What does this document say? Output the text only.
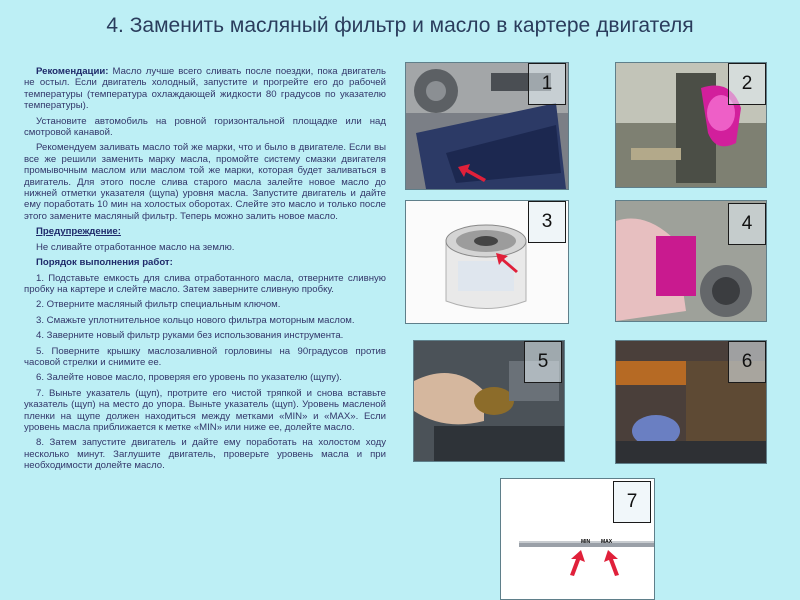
4. Заменить масляный фильтр и масло в картере двигателя

Рекомендации: Масло лучше всего сливать после поездки, пока двигатель не остыл. Если двигатель холодный, запустите и прогрейте его до рабочей температуры (температура охлаждающей жидкости 80 градусов по указателю температуры).

Установите автомобиль на ровной горизонтальной площадке или над смотровой канавой.

Рекомендуем заливать масло той же марки, что и было в двигателе. Если вы все же решили заменить марку масла, промойте систему смазки двигателя промывочным маслом или маслом той же марки, которая будет заливаться в двигатель. Для этого после слива старого масла залейте новое масло до нижней отметки указателя (щупа) уровня масла. Запустите двигатель и дайте ему поработать 10 мин на холостых оборотах. Слейте это масло и только после этого замените масляный фильтр. Теперь можно залить новое масло.

Предупреждение:

Не сливайте отработанное масло на землю.

Порядок выполнения работ:

1. Подставьте емкость для слива отработанного масла, отверните сливную пробку на картере и слейте масло. Затем заверните сливную пробку.

2. Отверните масляный фильтр специальным ключом.

3. Смажьте уплотнительное кольцо нового фильтра моторным маслом.

4. Заверните новый фильтр руками без использования инструмента.

5. Поверните крышку маслозаливной горловины на 90градусов против часовой стрелки и снимите ее.

6. Залейте новое масло, проверяя его уровень по указателю (щупу).

7. Выньте указатель (щуп), протрите его чистой тряпкой и снова вставьте указатель (щуп) на место до упора. Выньте указатель (щуп). Уровень масленой пленки на щупе должен находиться между метками «MIN» и «MAX». Если уровень масла приближается к метке «MIN» или ниже ее, долейте масло.

8. Затем запустите двигатель и дайте ему поработать на холостом ходу несколько минут. Заглушите двигатель, проверьте уровень масла и при необходимости долейте масло.

1	2
3	4
5	6
MIN MAX
7
